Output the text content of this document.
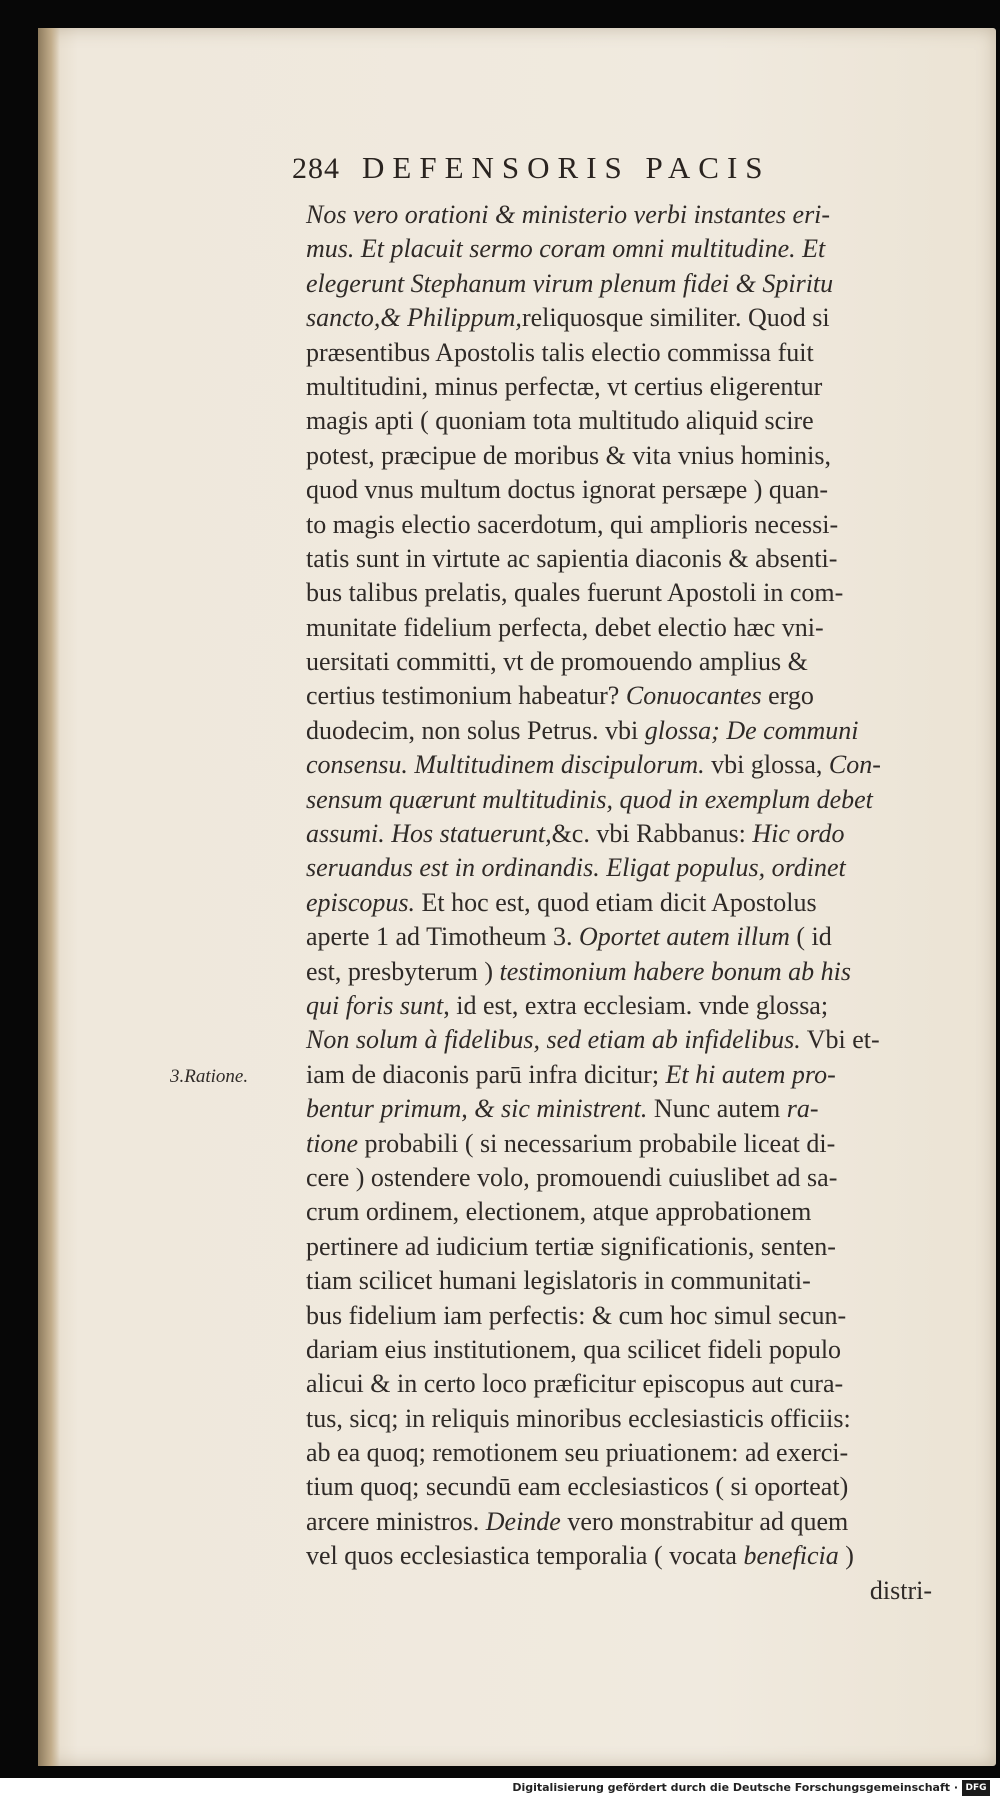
284 DEFENSORIS PACIS
3.Ratione.
Nos vero orationi & ministerio verbi instantes eri-
mus. Et placuit sermo coram omni multitudine. Et
elegerunt Stephanum virum plenum fidei & Spiritu
sancto,& Philippum,reliquosque similiter. Quod si
præsentibus Apostolis talis electio commissa fuit
multitudini, minus perfectæ, vt certius eligerentur
magis apti ( quoniam tota multitudo aliquid scire
potest, præcipue de moribus & vita vnius hominis,
quod vnus multum doctus ignorat persæpe ) quan-
to magis electio sacerdotum, qui amplioris necessi-
tatis sunt in virtute ac sapientia diaconis & absenti-
bus talibus prelatis, quales fuerunt Apostoli in com-
munitate fidelium perfecta, debet electio hæc vni-
uersitati committi, vt de promouendo amplius &
certius testimonium habeatur? Conuocantes ergo
duodecim, non solus Petrus. vbi glossa; De communi
consensu. Multitudinem discipulorum. vbi glossa, Con-
sensum quærunt multitudinis, quod in exemplum debet
assumi. Hos statuerunt,&c. vbi Rabbanus: Hic ordo
seruandus est in ordinandis. Eligat populus, ordinet
episcopus. Et hoc est, quod etiam dicit Apostolus
aperte 1 ad Timotheum 3. Oportet autem illum ( id
est, presbyterum ) testimonium habere bonum ab his
qui foris sunt, id est, extra ecclesiam. vnde glossa;
Non solum à fidelibus, sed etiam ab infidelibus. Vbi et-
iam de diaconis parū infra dicitur; Et hi autem pro-
bentur primum, & sic ministrent. Nunc autem ra-
tione probabili ( si necessarium probabile liceat di-
cere ) ostendere volo, promouendi cuiuslibet ad sa-
crum ordinem, electionem, atque approbationem
pertinere ad iudicium tertiæ significationis, senten-
tiam scilicet humani legislatoris in communitati-
bus fidelium iam perfectis: & cum hoc simul secun-
dariam eius institutionem, qua scilicet fideli populo
alicui & in certo loco præficitur episcopus aut cura-
tus, sicq; in reliquis minoribus ecclesiasticis officiis:
ab ea quoq; remotionem seu priuationem: ad exerci-
tium quoq; secundū eam ecclesiasticos ( si oporteat)
arcere ministros. Deinde vero monstrabitur ad quem
vel quos ecclesiastica temporalia ( vocata beneficia )
distri-
Digitalisierung gefördert durch die Deutsche Forschungsgemeinschaft · DFG
